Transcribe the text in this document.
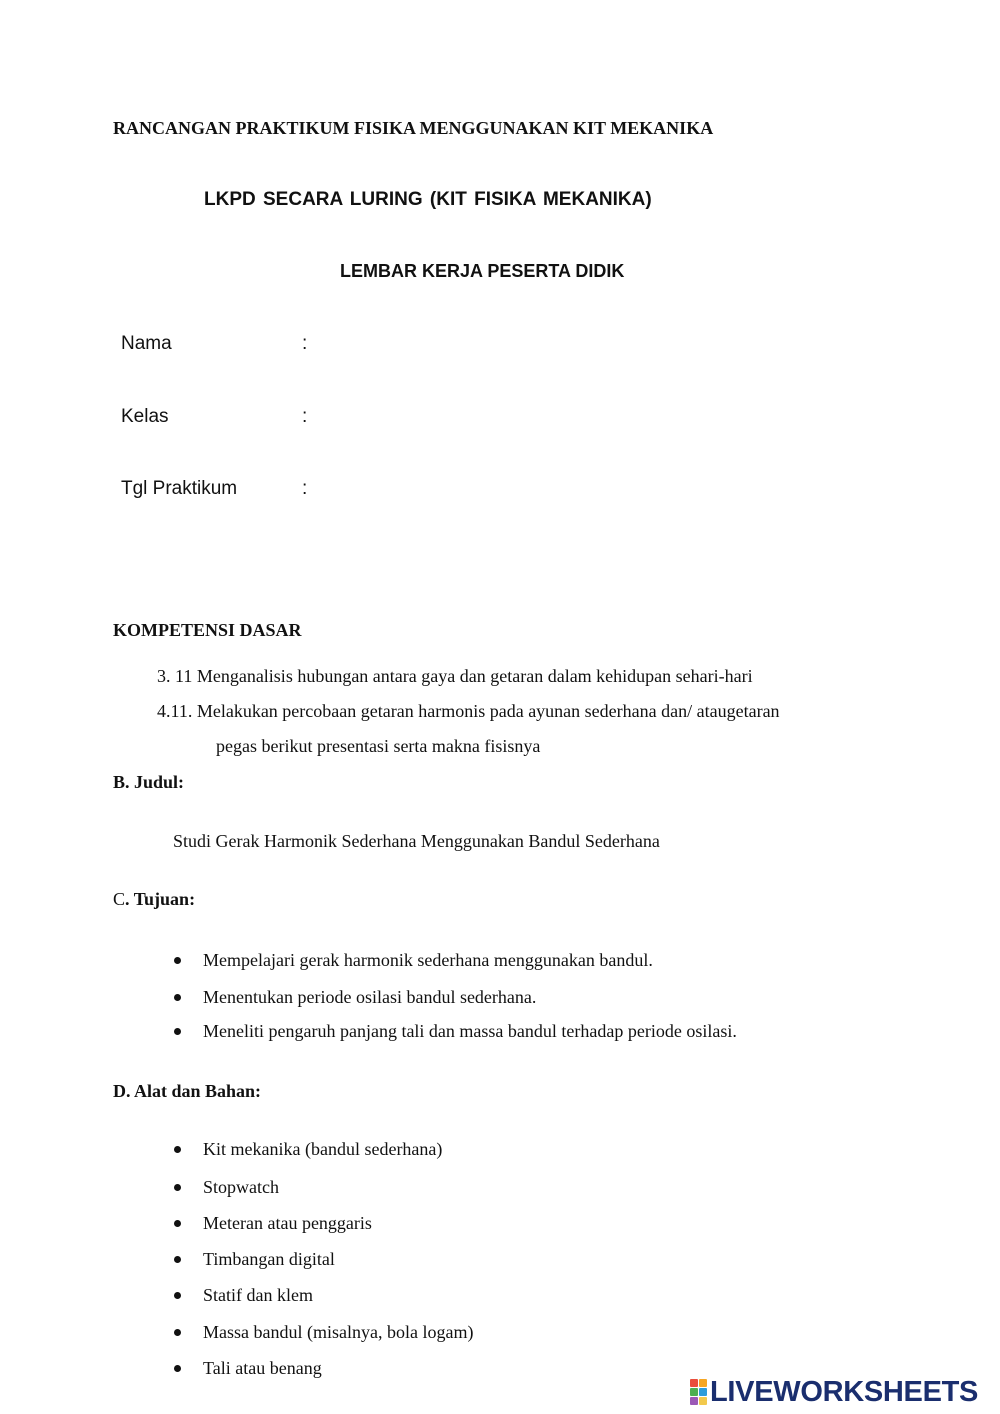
RANCANGAN PRAKTIKUM FISIKA MENGGUNAKAN KIT MEKANIKA
LKPD SECARA LURING (KIT FISIKA MEKANIKA)
LEMBAR KERJA PESERTA DIDIK
Nama	:
Kelas	:
Tgl Praktikum	:
KOMPETENSI DASAR
3. 11 Menganalisis hubungan antara gaya dan getaran dalam kehidupan sehari-hari
4.11. Melakukan percobaan getaran harmonis pada ayunan sederhana dan/ ataugetaran
pegas berikut presentasi serta makna fisisnya
B. Judul:
Studi Gerak Harmonik Sederhana Menggunakan Bandul Sederhana
C. Tujuan:
Mempelajari gerak harmonik sederhana menggunakan bandul.
Menentukan periode osilasi bandul sederhana.
Meneliti pengaruh panjang tali dan massa bandul terhadap periode osilasi.
D. Alat dan Bahan:
Kit mekanika (bandul sederhana)
Stopwatch
Meteran atau penggaris
Timbangan digital
Statif dan klem
Massa bandul (misalnya, bola logam)
Tali atau benang
LIVEWORKSHEETS
